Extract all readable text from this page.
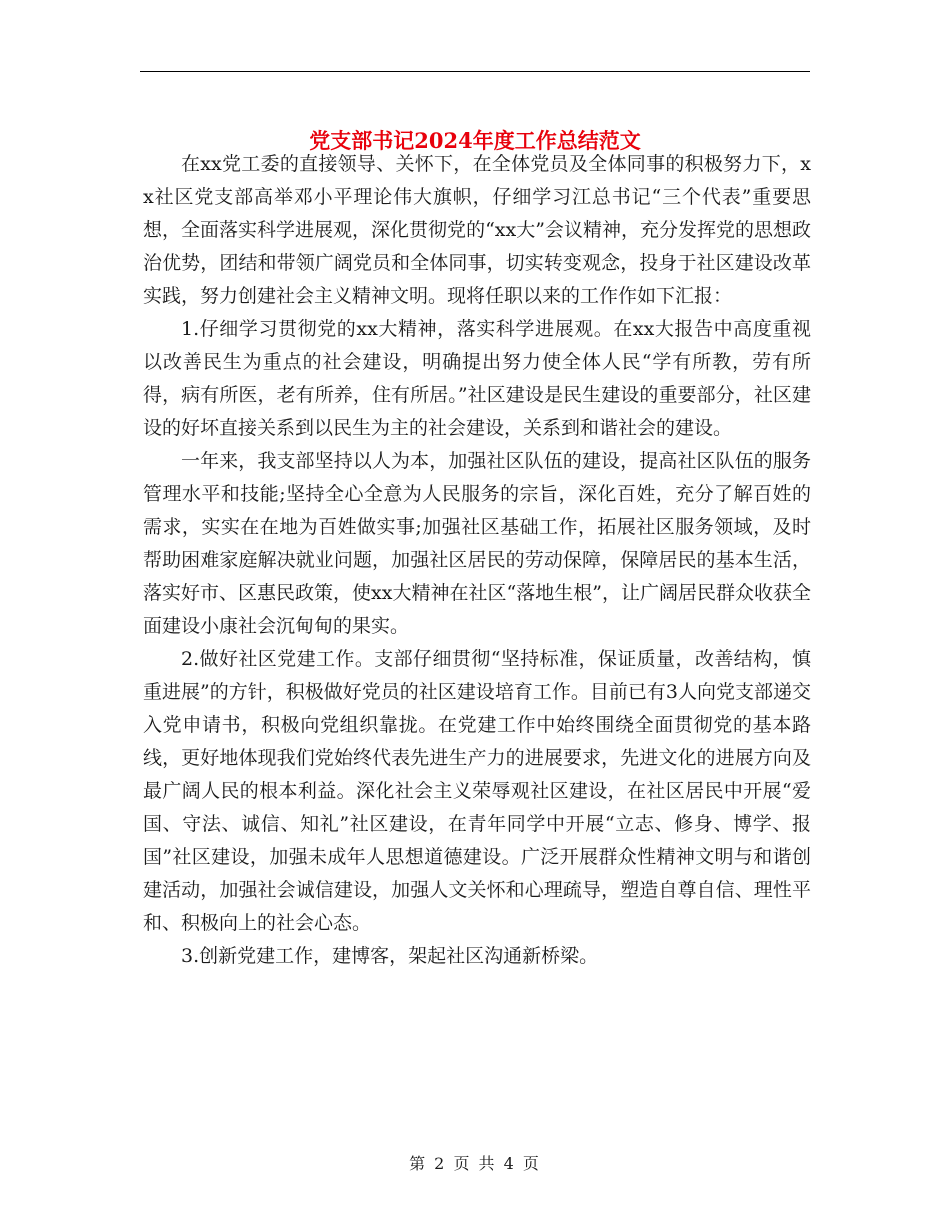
党支部书记2024年度工作总结范文

在xx党工委的直接领导、关怀下，在全体党员及全体同事的积极努力下，xx社区党支部高举邓小平理论伟大旗帜，仔细学习江总书记“三个代表”重要思想，全面落实科学进展观，深化贯彻党的“xx大”会议精神，充分发挥党的思想政治优势，团结和带领广阔党员和全体同事，切实转变观念，投身于社区建设改革实践，努力创建社会主义精神文明。现将任职以来的工作作如下汇报：

1.仔细学习贯彻党的xx大精神，落实科学进展观。在xx大报告中高度重视以改善民生为重点的社会建设，明确提出努力使全体人民“学有所教，劳有所得，病有所医，老有所养，住有所居。”社区建设是民生建设的重要部分，社区建设的好坏直接关系到以民生为主的社会建设，关系到和谐社会的建设。

一年来，我支部坚持以人为本，加强社区队伍的建设，提高社区队伍的服务管理水平和技能;坚持全心全意为人民服务的宗旨，深化百姓，充分了解百姓的需求，实实在在地为百姓做实事;加强社区基础工作，拓展社区服务领域，及时帮助困难家庭解决就业问题，加强社区居民的劳动保障，保障居民的基本生活，落实好市、区惠民政策，使xx大精神在社区“落地生根”，让广阔居民群众收获全面建设小康社会沉甸甸的果实。

2.做好社区党建工作。支部仔细贯彻“坚持标准，保证质量，改善结构，慎重进展”的方针，积极做好党员的社区建设培育工作。目前已有3人向党支部递交入党申请书，积极向党组织靠拢。在党建工作中始终围绕全面贯彻党的基本路线，更好地体现我们党始终代表先进生产力的进展要求，先进文化的进展方向及最广阔人民的根本利益。深化社会主义荣辱观社区建设，在社区居民中开展“爱国、守法、诚信、知礼”社区建设，在青年同学中开展“立志、修身、博学、报国”社区建设，加强未成年人思想道德建设。广泛开展群众性精神文明与和谐创建活动，加强社会诚信建设，加强人文关怀和心理疏导，塑造自尊自信、理性平和、积极向上的社会心态。

3.创新党建工作，建博客，架起社区沟通新桥梁。

第 2 页 共 4 页
